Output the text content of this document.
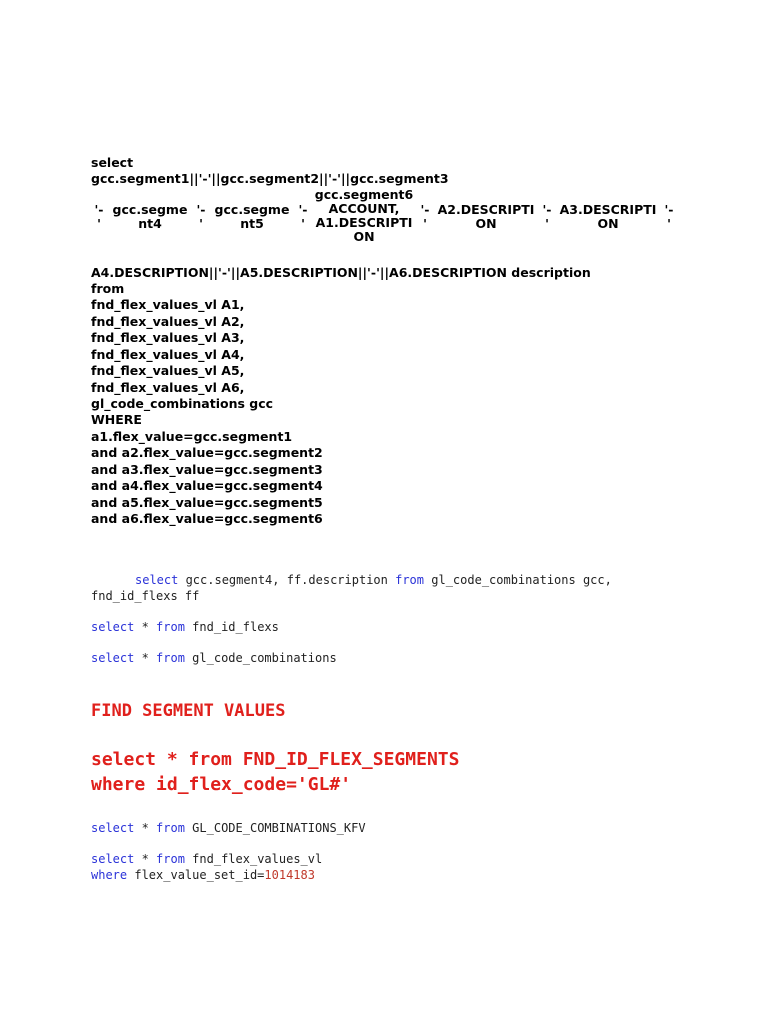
select
gcc.segment1||'-'||gcc.segment2||'-'||gcc.segment3
'-
'
gcc.segme
nt4
'-
'
gcc.segme
nt5
'-
'
gcc.segment6
ACCOUNT,
A1.DESCRIPTI
ON
'-
'
A2.DESCRIPTI
ON
'-
'
A3.DESCRIPTI
ON
'-
'
A4.DESCRIPTION||'-'||A5.DESCRIPTION||'-'||A6.DESCRIPTION description
from
fnd_flex_values_vl A1,
fnd_flex_values_vl A2,
fnd_flex_values_vl A3,
fnd_flex_values_vl A4,
fnd_flex_values_vl A5,
fnd_flex_values_vl A6,
gl_code_combinations gcc
WHERE
a1.flex_value=gcc.segment1
and a2.flex_value=gcc.segment2
and a3.flex_value=gcc.segment3
and a4.flex_value=gcc.segment4
and a5.flex_value=gcc.segment5
and a6.flex_value=gcc.segment6
select gcc.segment4, ff.description from gl_code_combinations gcc,
fnd_id_flexs ff
select * from fnd_id_flexs
select * from gl_code_combinations
FIND SEGMENT VALUES
select * from FND_ID_FLEX_SEGMENTS
where id_flex_code='GL#'
select * from GL_CODE_COMBINATIONS_KFV
select * from fnd_flex_values_vl
where flex_value_set_id=1014183
